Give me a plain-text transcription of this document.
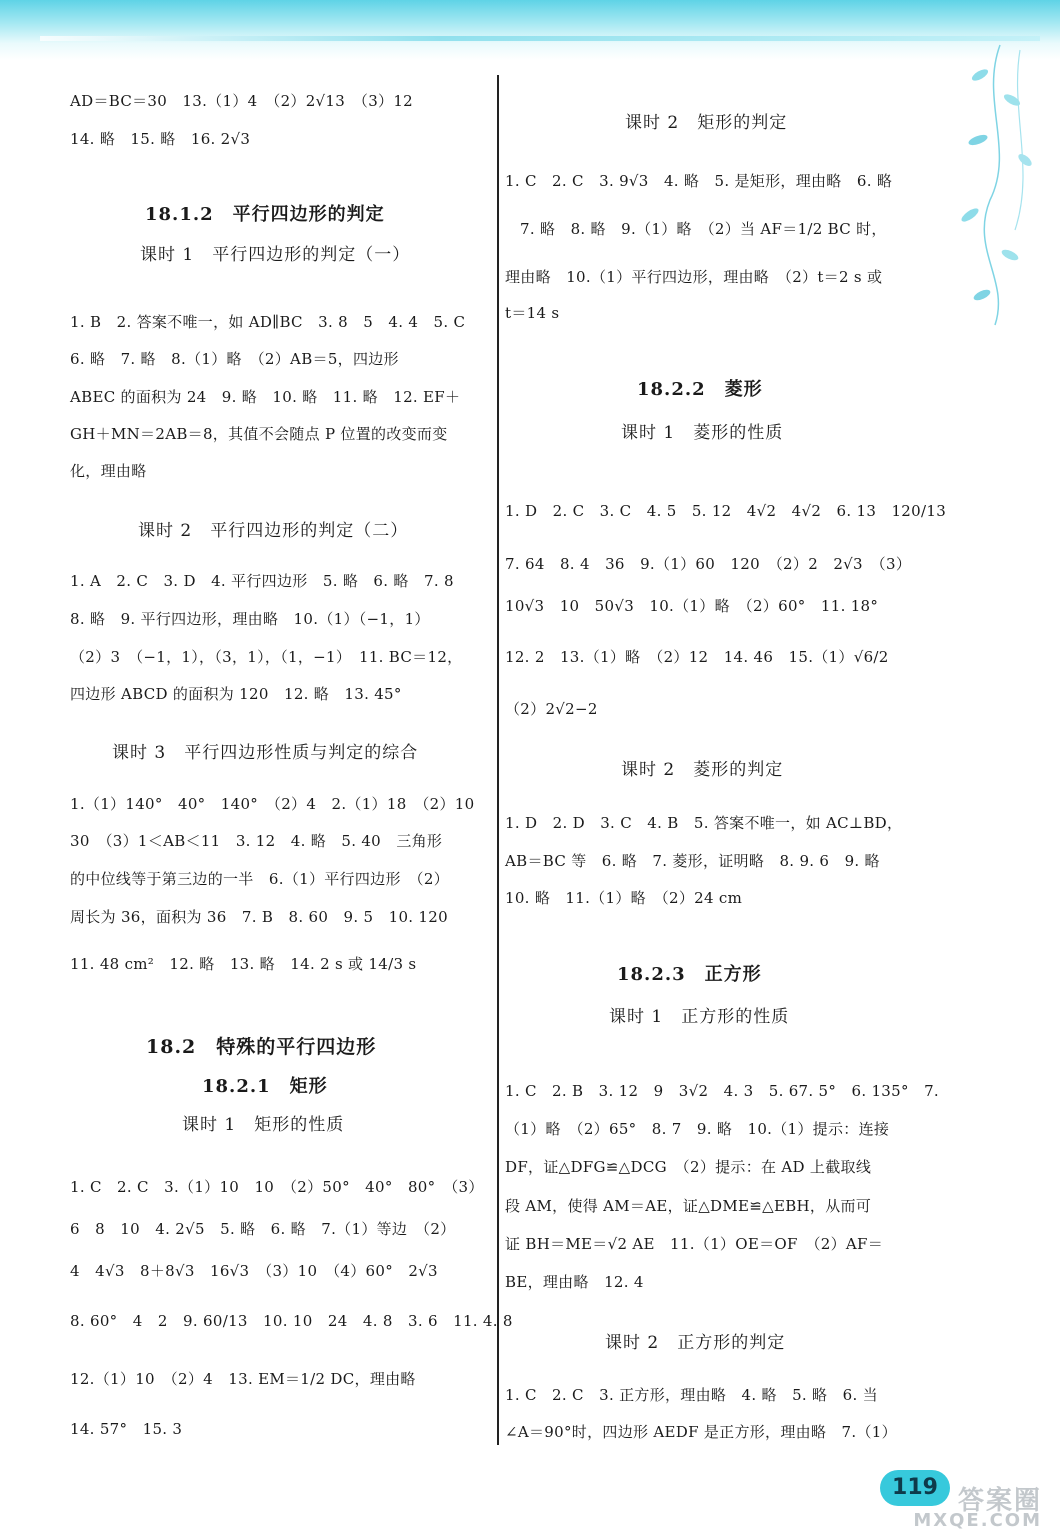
AD＝BC＝30　13.（1）4　（2）2√13　（3）12
14. 略　15. 略　16. 2√3
18.1.2　平行四边形的判定
课时 1　平行四边形的判定（一）
1. B　2. 答案不唯一，如 AD∥BC　3. 8　5　4. 4　5. C
6. 略　7. 略　8.（1）略　（2）AB＝5，四边形
ABEC 的面积为 24　9. 略　10. 略　11. 略　12. EF＋
GH＋MN＝2AB＝8，其值不会随点 P 位置的改变而变
化，理由略
课时 2　平行四边形的判定（二）
1. A　2. C　3. D　4. 平行四边形　5. 略　6. 略　7. 8
8. 略　9. 平行四边形，理由略　10.（1）（−1，1）
（2）3　（−1，1），（3，1），（1，−1）　11. BC＝12，
四边形 ABCD 的面积为 120　12. 略　13. 45°
课时 3　平行四边形性质与判定的综合
1.（1）140°　40°　140°　（2）4　2.（1）18　（2）10
30　（3）1＜AB＜11　3. 12　4. 略　5. 40　三角形
的中位线等于第三边的一半　6.（1）平行四边形　（2）
周长为 36，面积为 36　7. B　8. 60　9. 5　10. 120
11. 48 cm²　12. 略　13. 略　14. 2 s 或 14/3 s
18.2　特殊的平行四边形
18.2.1　矩形
课时 1　矩形的性质
1. C　2. C　3.（1）10　10　（2）50°　40°　80°　（3）
6　8　10　4. 2√5　5. 略　6. 略　7.（1）等边　（2）
4　4√3　8＋8√3　16√3　（3）10　（4）60°　2√3
8. 60°　4　2　9. 60/13　10. 10　24　4. 8　3. 6　11. 4. 8
12.（1）10　（2）4　13. EM＝1/2 DC，理由略
14. 57°　15. 3
课时 2　矩形的判定
1. C　2. C　3. 9√3　4. 略　5. 是矩形，理由略　6. 略
7. 略　8. 略　9.（1）略　（2）当 AF＝1/2 BC 时，
理由略　10.（1）平行四边形，理由略　（2）t＝2 s 或
t＝14 s
18.2.2　菱形
课时 1　菱形的性质
1. D　2. C　3. C　4. 5　5. 12　4√2　4√2　6. 13　120/13
7. 64　8. 4　36　9.（1）60　120　（2）2　2√3　（3）
10√3　10　50√3　10.（1）略　（2）60°　11. 18°
12. 2　13.（1）略　（2）12　14. 46　15.（1）√6/2
（2）2√2−2
课时 2　菱形的判定
1. D　2. D　3. C　4. B　5. 答案不唯一，如 AC⊥BD，
AB＝BC 等　6. 略　7. 菱形，证明略　8. 9. 6　9. 略
10. 略　11.（1）略　（2）24 cm
18.2.3　正方形
课时 1　正方形的性质
1. C　2. B　3. 12　9　3√2　4. 3　5. 67. 5°　6. 135°　7.
（1）略　（2）65°　8. 7　9. 略　10.（1）提示：连接
DF，证△DFG≌△DCG　（2）提示：在 AD 上截取线
段 AM，使得 AM＝AE，证△DME≌△EBH，从而可
证 BH＝ME＝√2 AE　11.（1）OE＝OF　（2）AF＝
BE，理由略　12. 4
课时 2　正方形的判定
1. C　2. C　3. 正方形，理由略　4. 略　5. 略　6. 当
∠A＝90°时，四边形 AEDF 是正方形，理由略　7.（1）
119 答案圈
MXQE.COM
